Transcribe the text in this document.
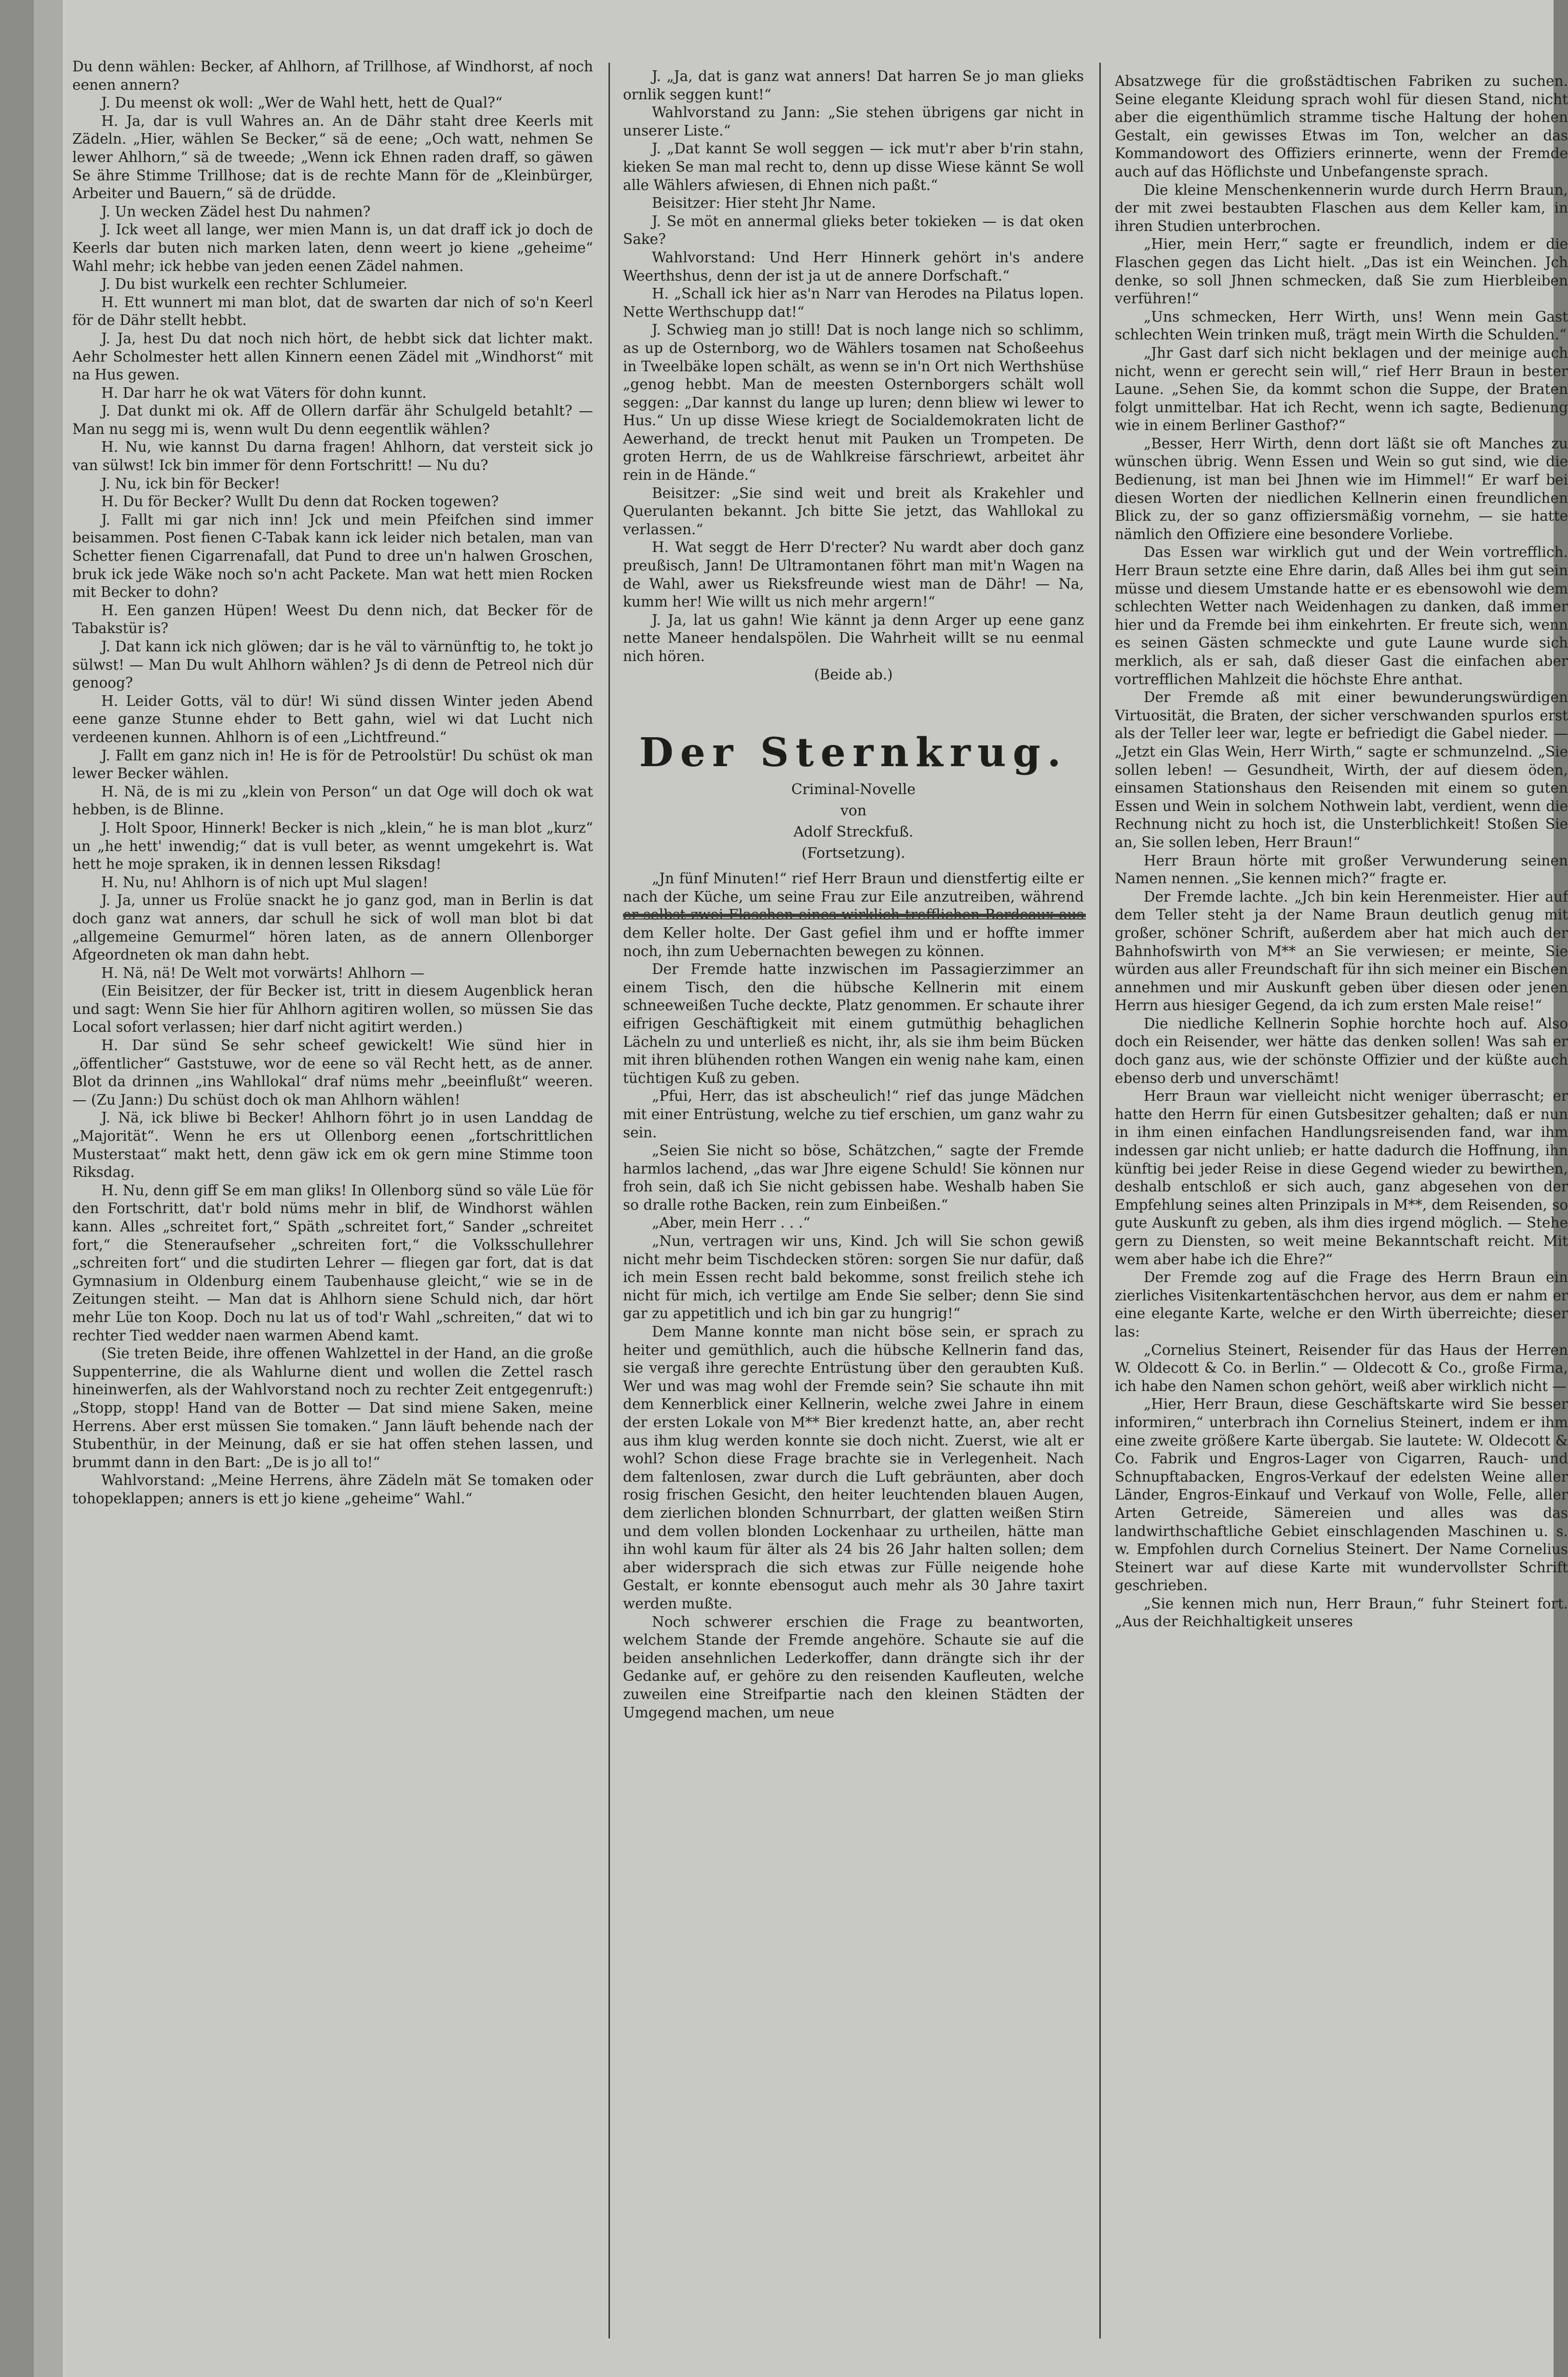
Du denn wählen: Becker, af Ahlhorn, af Trillhose, af Windhorst, af noch eenen annern?

J. Du meenst ok woll: „Wer de Wahl hett, hett de Qual?“

H. Ja, dar is vull Wahres an. An de Dähr staht dree Keerls mit Zädeln. „Hier, wählen Se Becker,“ sä de eene; „Och watt, nehmen Se lewer Ahlhorn,“ sä de tweede; „Wenn ick Ehnen raden draff, so gäwen Se ähre Stimme Trillhose; dat is de rechte Mann för de „Kleinbürger, Arbeiter und Bauern,“ sä de drüdde.

J. Un wecken Zädel hest Du nahmen?

J. Ick weet all lange, wer mien Mann is, un dat draff ick jo doch de Keerls dar buten nich marken laten, denn weert jo kiene „geheime“ Wahl mehr; ick hebbe van jeden eenen Zädel nahmen.

J. Du bist wurkelk een rechter Schlumeier.

H. Ett wunnert mi man blot, dat de swarten dar nich of so'n Keerl för de Dähr stellt hebbt.

J. Ja, hest Du dat noch nich hört, de hebbt sick dat lichter makt. Aehr Scholmester hett allen Kinnern eenen Zädel mit „Windhorst“ mit na Hus gewen.

H. Dar harr he ok wat Väters för dohn kunnt.

J. Dat dunkt mi ok. Aff de Ollern darfär ähr Schulgeld betahlt? — Man nu segg mi is, wenn wult Du denn eegentlik wählen?

H. Nu, wie kannst Du darna fragen! Ahlhorn, dat versteit sick jo van sülwst! Ick bin immer för denn Fortschritt! — Nu du?

J. Nu, ick bin för Becker!

H. Du för Becker? Wullt Du denn dat Rocken togewen?

J. Fallt mi gar nich inn! Jck und mein Pfeifchen sind immer beisammen. Post fienen C-Tabak kann ick leider nich betalen, man van Schetter fienen Cigarrenafall, dat Pund to dree un'n halwen Groschen, bruk ick jede Wäke noch so'n acht Packete. Man wat hett mien Rocken mit Becker to dohn?

H. Een ganzen Hüpen! Weest Du denn nich, dat Becker för de Tabakstür is?

J. Dat kann ick nich glöwen; dar is he väl to värnünftig to, he tokt jo sülwst! — Man Du wult Ahlhorn wählen? Js di denn de Petreol nich dür genoog?

H. Leider Gotts, väl to dür! Wi sünd dissen Winter jeden Abend eene ganze Stunne ehder to Bett gahn, wiel wi dat Lucht nich verdeenen kunnen. Ahlhorn is of een „Lichtfreund.“

J. Fallt em ganz nich in! He is för de Petroolstür! Du schüst ok man lewer Becker wählen.

H. Nä, de is mi zu „klein von Person“ un dat Oge will doch ok wat hebben, is de Blinne.

J. Holt Spoor, Hinnerk! Becker is nich „klein,“ he is man blot „kurz“ un „he hett' inwendig;“ dat is vull beter, as wennt umgekehrt is. Wat hett he moje spraken, ik in dennen lessen Riksdag!

H. Nu, nu! Ahlhorn is of nich upt Mul slagen!

J. Ja, unner us Frolüe snackt he jo ganz god, man in Berlin is dat doch ganz wat anners, dar schull he sick of woll man blot bi dat „allgemeine Gemurmel“ hören laten, as de annern Ollenborger Afgeordneten ok man dahn hebt.

H. Nä, nä! De Welt mot vorwärts! Ahlhorn —

(Ein Beisitzer, der für Becker ist, tritt in diesem Augenblick heran und sagt: Wenn Sie hier für Ahlhorn agitiren wollen, so müssen Sie das Local sofort verlassen; hier darf nicht agitirt werden.)

H. Dar sünd Se sehr scheef gewickelt! Wie sünd hier in „öffentlicher“ Gaststuwe, wor de eene so väl Recht hett, as de anner. Blot da drinnen „ins Wahllokal“ draf nüms mehr „beeinflußt“ weeren. — (Zu Jann:) Du schüst doch ok man Ahlhorn wählen!

J. Nä, ick bliwe bi Becker! Ahlhorn föhrt jo in usen Landdag de „Majorität“. Wenn he ers ut Ollenborg eenen „fortschrittlichen Musterstaat“ makt hett, denn gäw ick em ok gern mine Stimme toon Riksdag.

H. Nu, denn giff Se em man gliks! In Ollenborg sünd so väle Lüe för den Fortschritt, dat'r bold nüms mehr in blif, de Windhorst wählen kann. Alles „schreitet fort,“ Späth „schreitet fort,“ Sander „schreitet fort,“ die Steneraufseher „schreiten fort,“ die Volksschullehrer „schreiten fort“ und die studirten Lehrer — fliegen gar fort, dat is dat Gymnasium in Oldenburg einem Taubenhause gleicht,“ wie se in de Zeitungen steiht. — Man dat is Ahlhorn siene Schuld nich, dar hört mehr Lüe ton Koop. Doch nu lat us of tod'r Wahl „schreiten,“ dat wi to rechter Tied wedder naen warmen Abend kamt.

(Sie treten Beide, ihre offenen Wahlzettel in der Hand, an die große Suppenterrine, die als Wahlurne dient und wollen die Zettel rasch hineinwerfen, als der Wahlvorstand noch zu rechter Zeit entgegenruft:) „Stopp, stopp! Hand van de Botter — Dat sind miene Saken, meine Herrens. Aber erst müssen Sie tomaken.“ Jann läuft behende nach der Stubenthür, in der Meinung, daß er sie hat offen stehen lassen, und brummt dann in den Bart: „De is jo all to!“

Wahlvorstand: „Meine Herrens, ähre Zädeln mät Se tomaken oder tohopeklappen; anners is ett jo kiene „geheime“ Wahl.“

J. „Ja, dat is ganz wat anners! Dat harren Se jo man glieks ornlik seggen kunt!“

Wahlvorstand zu Jann: „Sie stehen übrigens gar nicht in unserer Liste.“

J. „Dat kannt Se woll seggen — ick mut'r aber b'rin stahn, kieken Se man mal recht to, denn up disse Wiese kännt Se woll alle Wählers afwiesen, di Ehnen nich paßt.“

Beisitzer: Hier steht Jhr Name.

J. Se möt en annermal glieks beter tokieken — is dat oken Sake?

Wahlvorstand: Und Herr Hinnerk gehört in's andere Weerthshus, denn der ist ja ut de annere Dorfschaft.“

H. „Schall ick hier as'n Narr van Herodes na Pilatus lopen. Nette Werthschupp dat!“

J. Schwieg man jo still! Dat is noch lange nich so schlimm, as up de Osternborg, wo de Wählers tosamen nat Schoßeehus in Tweelbäke lopen schält, as wenn se in'n Ort nich Werthshüse „genog hebbt. Man de meesten Osternborgers schält woll seggen: „Dar kannst du lange up luren; denn bliew wi lewer to Hus.“ Un up disse Wiese kriegt de Socialdemokraten licht de Aewerhand, de treckt henut mit Pauken un Trompeten. De groten Herrn, de us de Wahlkreise färschriewt, arbeitet ähr rein in de Hände.“

Beisitzer: „Sie sind weit und breit als Krakehler und Querulanten bekannt. Jch bitte Sie jetzt, das Wahllokal zu verlassen.“

H. Wat seggt de Herr D'recter? Nu wardt aber doch ganz preußisch, Jann! De Ultramontanen föhrt man mit'n Wagen na de Wahl, awer us Rieksfreunde wiest man de Dähr! — Na, kumm her! Wie willt us nich mehr argern!“

J. Ja, lat us gahn! Wie kännt ja denn Arger up eene ganz nette Maneer hendalspölen. Die Wahrheit willt se nu eenmal nich hören.

(Beide ab.)

Der Sternkrug.
Criminal-Novelle
von
Adolf Streckfuß.
(Fortsetzung).

„Jn fünf Minuten!“ rief Herr Braun und dienstfertig eilte er nach der Küche, um seine Frau zur Eile anzutreiben, während dem Keller holte. Der Gast gefiel ihm und er hoffte immer noch, ihn zum Uebernachten bewegen zu können.

Der Fremde hatte inzwischen im Passagierzimmer an einem Tisch, den die hübsche Kellnerin mit einem schneeweißen Tuche deckte, Platz genommen. Er schaute ihrer eifrigen Geschäftigkeit mit einem gutmüthig behaglichen Lächeln zu und unterließ es nicht, ihr, als sie ihm beim Bücken mit ihren blühenden rothen Wangen ein wenig nahe kam, einen tüchtigen Kuß zu geben.

„Pfui, Herr, das ist abscheulich!“ rief das junge Mädchen mit einer Entrüstung, welche zu tief erschien, um ganz wahr zu sein.

„Seien Sie nicht so böse, Schätzchen,“ sagte der Fremde harmlos lachend, „das war Jhre eigene Schuld! Sie können nur froh sein, daß ich Sie nicht gebissen habe. Weshalb haben Sie so dralle rothe Backen, rein zum Einbeißen.“

„Aber, mein Herr . . .“

„Nun, vertragen wir uns, Kind. Jch will Sie schon gewiß nicht mehr beim Tischdecken stören: sorgen Sie nur dafür, daß ich mein Essen recht bald bekomme, sonst freilich stehe ich nicht für mich, ich vertilge am Ende Sie selber; denn Sie sind gar zu appetitlich und ich bin gar zu hungrig!“

Dem Manne konnte man nicht böse sein, er sprach zu heiter und gemüthlich, auch die hübsche Kellnerin fand das, sie vergaß ihre gerechte Entrüstung über den geraubten Kuß. Wer und was mag wohl der Fremde sein? Sie schaute ihn mit dem Kennerblick einer Kellnerin, welche zwei Jahre in einem der ersten Lokale von M** Bier kredenzt hatte, an, aber recht aus ihm klug werden konnte sie doch nicht. Zuerst, wie alt er wohl? Schon diese Frage brachte sie in Verlegenheit. Nach dem faltenlosen, zwar durch die Luft gebräunten, aber doch rosig frischen Gesicht, den heiter leuchtenden blauen Augen, dem zierlichen blonden Schnurrbart, der glatten weißen Stirn und dem vollen blonden Lockenhaar zu urtheilen, hätte man ihn wohl kaum für älter als 24 bis 26 Jahr halten sollen; dem aber widersprach die sich etwas zur Fülle neigende hohe Gestalt, er konnte ebensogut auch mehr als 30 Jahre taxirt werden mußte.

Noch schwerer erschien die Frage zu beantworten, welchem Stande der Fremde angehöre. Schaute sie auf die beiden ansehnlichen Lederkoffer, dann drängte sich ihr der Gedanke auf, er gehöre zu den reisenden Kaufleuten, welche zuweilen eine Streifpartie nach den kleinen Städten der Umgegend machen, um neue

Absatzwege für die großstädtischen Fabriken zu suchen. Seine elegante Kleidung sprach wohl für diesen Stand, nicht aber die eigenthümlich stramme tische Haltung der hohen Gestalt, ein gewisses Etwas im Ton, welcher an das Kommandowort des Offiziers erinnerte, wenn der Fremde auch auf das Höflichste und Unbefangenste sprach.

Die kleine Menschenkennerin wurde durch Herrn Braun, der mit zwei bestaubten Flaschen aus dem Keller kam, in ihren Studien unterbrochen.

„Hier, mein Herr,“ sagte er freundlich, indem er die Flaschen gegen das Licht hielt. „Das ist ein Weinchen. Jch denke, so soll Jhnen schmecken, daß Sie zum Hierbleiben verführen!“

„Uns schmecken, Herr Wirth, uns! Wenn mein Gast schlechten Wein trinken muß, trägt mein Wirth die Schulden.“

„Jhr Gast darf sich nicht beklagen und der meinige auch nicht, wenn er gerecht sein will,“ rief Herr Braun in bester Laune. „Sehen Sie, da kommt schon die Suppe, der Braten folgt unmittelbar. Hat ich Recht, wenn ich sagte, Bedienung wie in einem Berliner Gasthof?“

„Besser, Herr Wirth, denn dort läßt sie oft Manches zu wünschen übrig. Wenn Essen und Wein so gut sind, wie die Bedienung, ist man bei Jhnen wie im Himmel!“ Er warf bei diesen Worten der niedlichen Kellnerin einen freundlichen Blick zu, der so ganz offiziersmäßig vornehm, — sie hatte nämlich den Offiziere eine besondere Vorliebe.

Das Essen war wirklich gut und der Wein vortrefflich. Herr Braun setzte eine Ehre darin, daß Alles bei ihm gut sein müsse und diesem Umstande hatte er es ebensowohl wie dem schlechten Wetter nach Weidenhagen zu danken, daß immer hier und da Fremde bei ihm einkehrten. Er freute sich, wenn es seinen Gästen schmeckte und gute Laune wurde sich merklich, als er sah, daß dieser Gast die einfachen aber vortrefflichen Mahlzeit die höchste Ehre anthat.

Der Fremde aß mit einer bewunderungswürdigen Virtuosität, die Braten, der sicher verschwanden spurlos erst als der Teller leer war, legte er befriedigt die Gabel nieder. — „Jetzt ein Glas Wein, Herr Wirth,“ sagte er schmunzelnd. „Sie sollen leben! — Gesundheit, Wirth, der auf diesem öden, einsamen Stationshaus den Reisenden mit einem so guten Essen und Wein in solchem Nothwein labt, verdient, wenn die Rechnung nicht zu hoch ist, die Unsterblichkeit! Stoßen Sie an, Sie sollen leben, Herr Braun!“

Herr Braun hörte mit großer Verwunderung seinen Namen nennen. „Sie kennen mich?“ fragte er.

Der Fremde lachte. „Jch bin kein Herenmeister. Hier auf dem Teller steht ja der Name Braun deutlich genug mit großer, schöner Schrift, außerdem aber hat mich auch der Bahnhofswirth von M** an Sie verwiesen; er meinte, Sie würden aus aller Freundschaft für ihn sich meiner ein Bischen annehmen und mir Auskunft geben über diesen oder jenen Herrn aus hiesiger Gegend, da ich zum ersten Male reise!“

Die niedliche Kellnerin Sophie horchte hoch auf. Also doch ein Reisender, wer hätte das denken sollen! Was sah er doch ganz aus, wie der schönste Offizier und der küßte auch ebenso derb und unverschämt!

Herr Braun war vielleicht nicht weniger überrascht; er hatte den Herrn für einen Gutsbesitzer gehalten; daß er nun in ihm einen einfachen Handlungsreisenden fand, war ihm indessen gar nicht unlieb; er hatte dadurch die Hoffnung, ihn künftig bei jeder Reise in diese Gegend wieder zu bewirthen, deshalb entschloß er sich auch, ganz abgesehen von der Empfehlung seines alten Prinzipals in M**, dem Reisenden, so gute Auskunft zu geben, als ihm dies irgend möglich. — Stehe gern zu Diensten, so weit meine Bekanntschaft reicht. Mit wem aber habe ich die Ehre?“

Der Fremde zog auf die Frage des Herrn Braun ein zierliches Visitenkartentäschchen hervor, aus dem er nahm er eine elegante Karte, welche er den Wirth überreichte; dieser las:

„Cornelius Steinert, Reisender für das Haus der Herren W. Oldecott & Co. in Berlin.“ — Oldecott & Co., große Firma, ich habe den Namen schon gehört, weiß aber wirklich nicht —

„Hier, Herr Braun, diese Geschäftskarte wird Sie besser informiren,“ unterbrach ihn Cornelius Steinert, indem er ihm eine zweite größere Karte übergab. Sie lautete: W. Oldecott & Co. Fabrik und Engros-Lager von Cigarren, Rauch- und Schnupftabacken, Engros-Verkauf der edelsten Weine aller Länder, Engros-Einkauf und Verkauf von Wolle, Felle, aller Arten Getreide, Sämereien und alles was das landwirthschaftliche Gebiet einschlagenden Maschinen u. s. w. Empfohlen durch Cornelius Steinert. Der Name Cornelius Steinert war auf diese Karte mit wundervollster Schrift geschrieben.

„Sie kennen mich nun, Herr Braun,“ fuhr Steinert fort. „Aus der Reichhaltigkeit unseres
